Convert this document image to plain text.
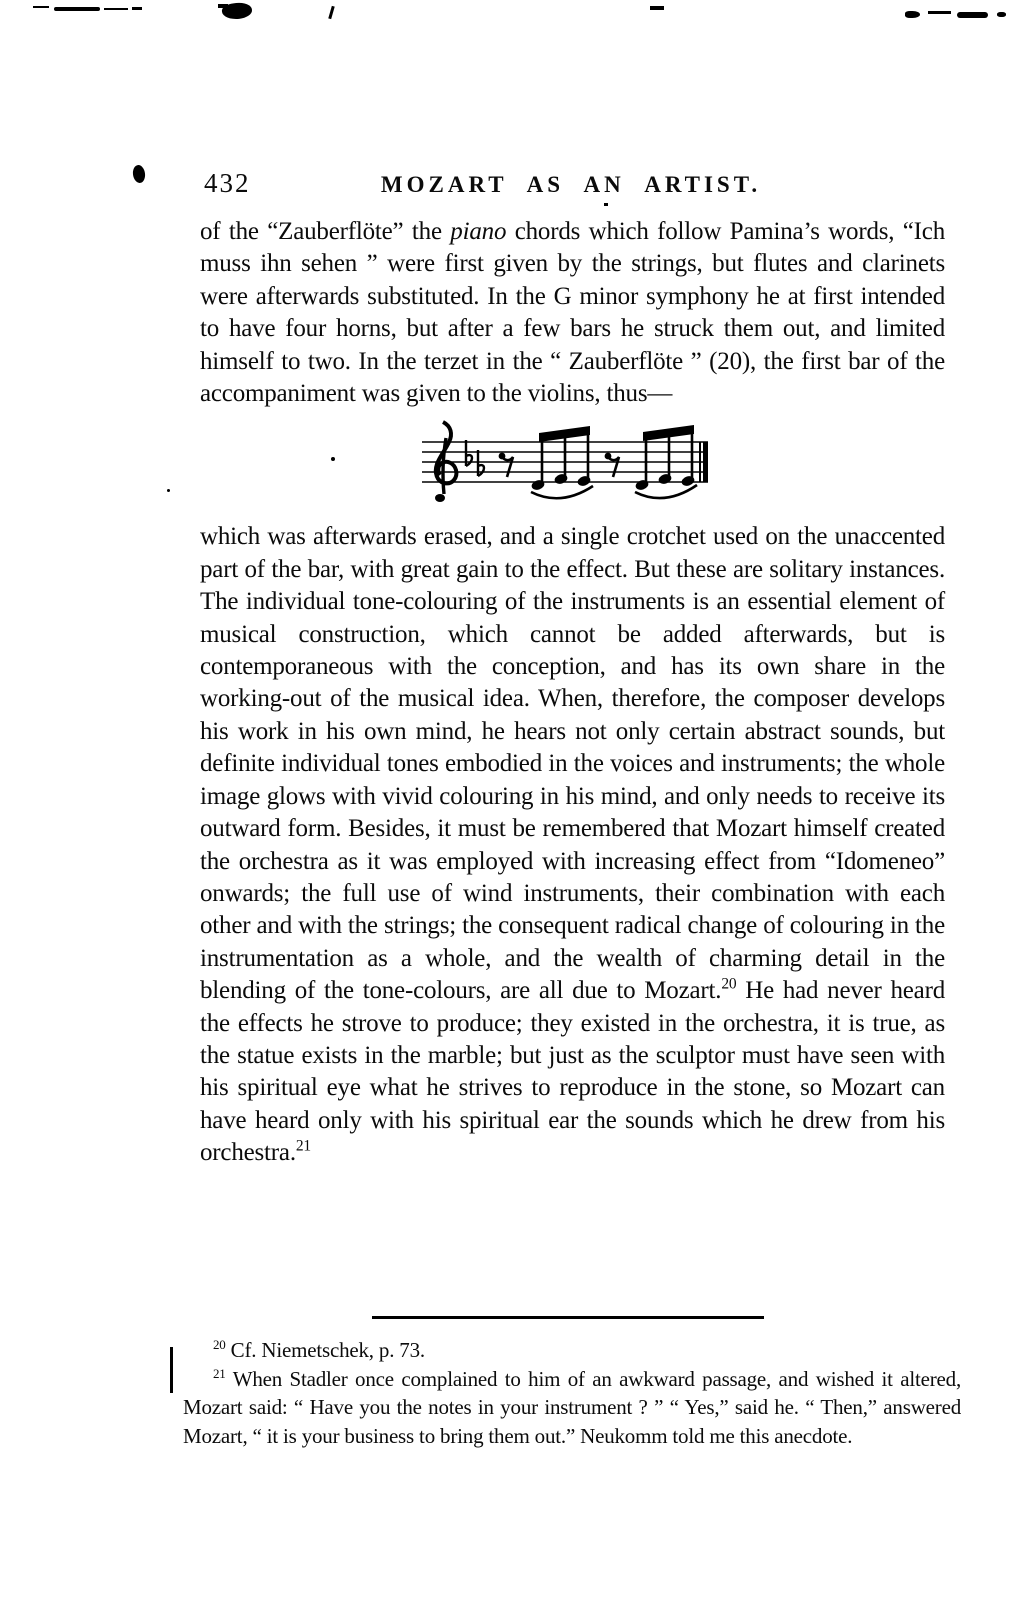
432	MOZART AS AN ARTIST.

of the “Zauberflöte” the piano chords which follow Pamina’s words, “Ich muss ihn sehen ” were first given by the strings, but flutes and clarinets were afterwards substituted. In the G minor symphony he at first intended to have four horns, but after a few bars he struck them out, and limited himself to two. In the terzet in the “ Zauberflöte ” (20), the first bar of the accompaniment was given to the violins, thus—

which was afterwards erased, and a single crotchet used on the unaccented part of the bar, with great gain to the effect. But these are solitary instances. The individual tone-colouring of the instruments is an essential element of musical construction, which cannot be added afterwards, but is contemporaneous with the conception, and has its own share in the working-out of the musical idea. When, therefore, the composer develops his work in his own mind, he hears not only certain abstract sounds, but definite individual tones embodied in the voices and instruments; the whole image glows with vivid colouring in his mind, and only needs to receive its outward form. Besides, it must be remembered that Mozart himself created the orchestra as it was employed with increasing effect from “Idomeneo” onwards; the full use of wind instruments, their combination with each other and with the strings; the consequent radical change of colouring in the instrumentation as a whole, and the wealth of charming detail in the blending of the tone-colours, are all due to Mozart.$^{20}$ He had never heard the effects he strove to produce; they existed in the orchestra, it is true, as the statue exists in the marble; but just as the sculptor must have seen with his spiritual eye what he strives to reproduce in the stone, so Mozart can have heard only with his spiritual ear the sounds which he drew from his orchestra.$^{21}$

$^{20}$ Cf. Niemetschek, p. 73.

$^{21}$ When Stadler once complained to him of an awkward passage, and wished it altered, Mozart said: “ Have you the notes in your instrument ? ” “ Yes,” said he. “ Then,” answered Mozart, “ it is your business to bring them out.” Neukomm told me this anecdote.
